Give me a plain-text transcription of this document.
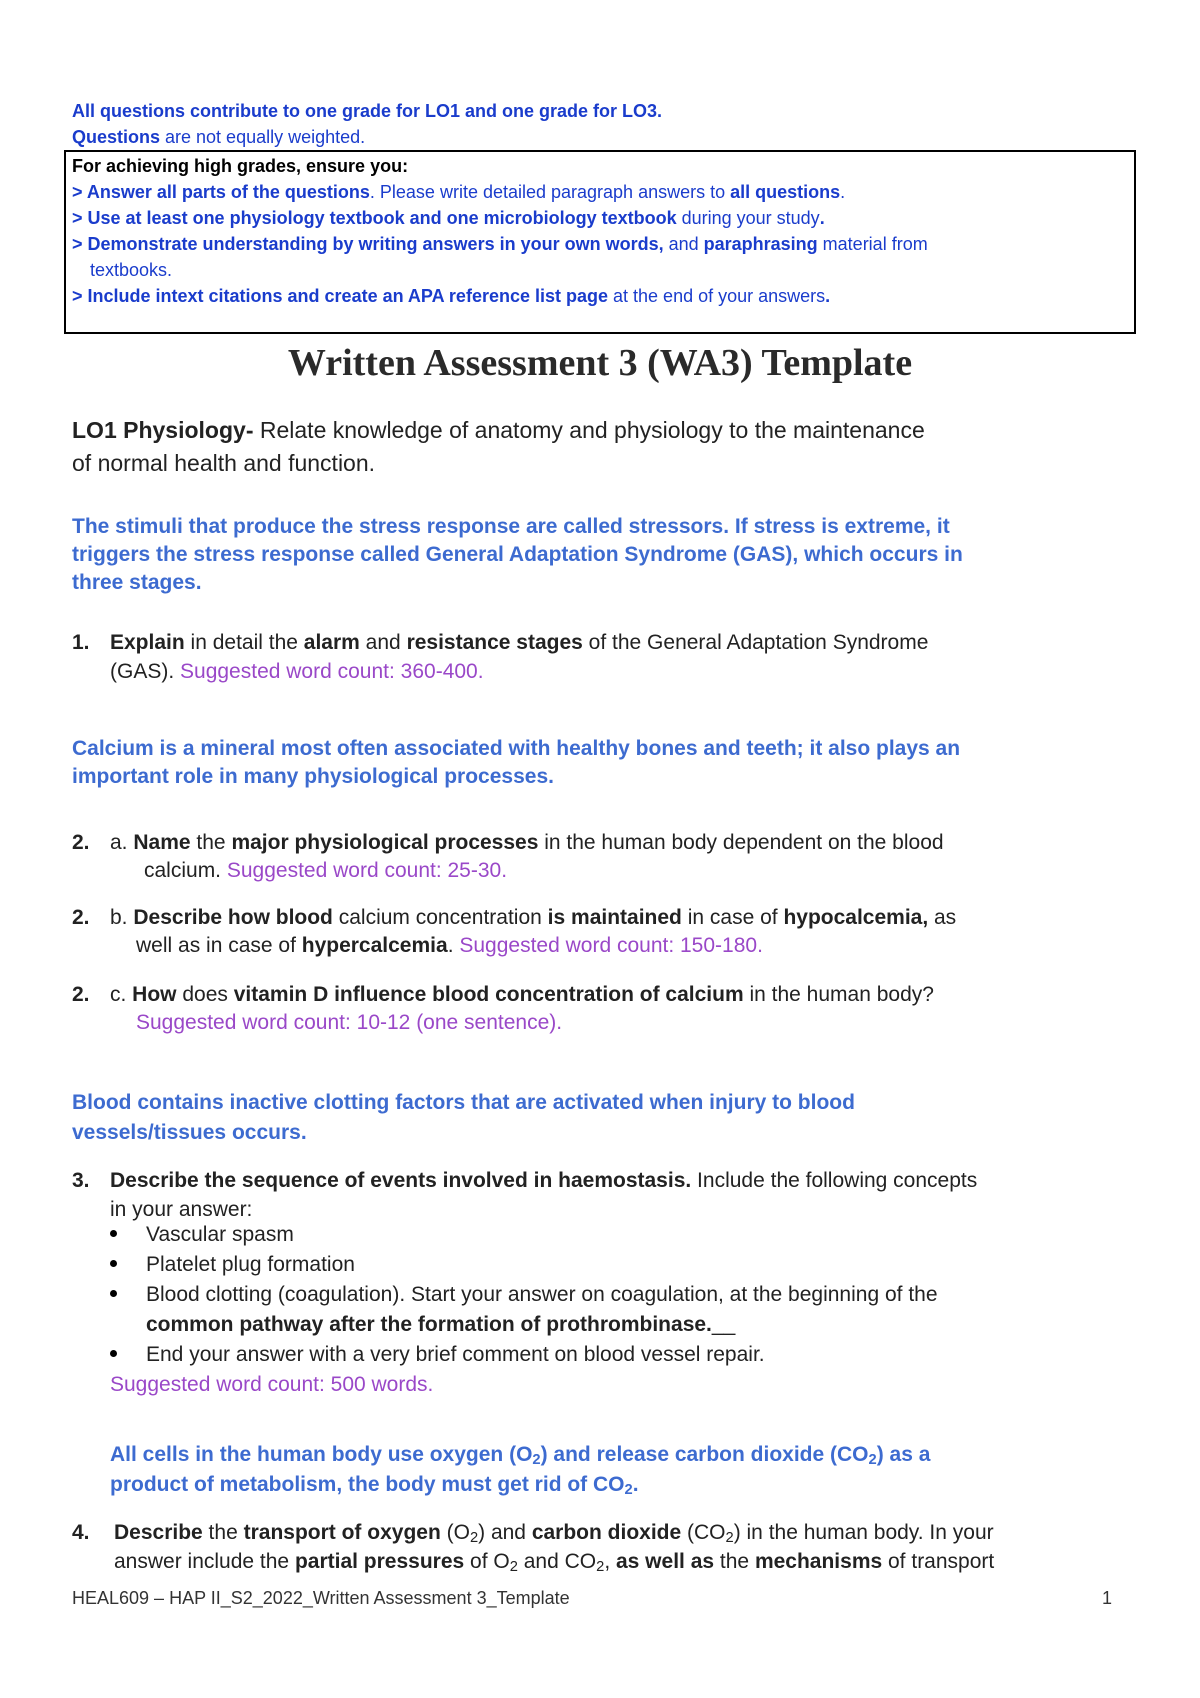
All questions contribute to one grade for LO1 and one grade for LO3.
Questions are not equally weighted.
For achieving high grades, ensure you:
> Answer all parts of the questions. Please write detailed paragraph answers to all questions.
> Use at least one physiology textbook and one microbiology textbook during your study.
> Demonstrate understanding by writing answers in your own words, and paraphrasing material from
textbooks.
> Include intext citations and create an APA reference list page at the end of your answers.
Written Assessment 3 (WA3) Template
LO1 Physiology- Relate knowledge of anatomy and physiology to the maintenance
of normal health and function.
The stimuli that produce the stress response are called stressors. If stress is extreme, it
triggers the stress response called General Adaptation Syndrome (GAS), which occurs in
three stages.
1. Explain in detail the alarm and resistance stages of the General Adaptation Syndrome
(GAS). Suggested word count: 360-400.
Calcium is a mineral most often associated with healthy bones and teeth; it also plays an
important role in many physiological processes.
2. a. Name the major physiological processes in the human body dependent on the blood
calcium. Suggested word count: 25-30.
2. b. Describe how blood calcium concentration is maintained in case of hypocalcemia, as
well as in case of hypercalcemia. Suggested word count: 150-180.
2. c. How does vitamin D influence blood concentration of calcium in the human body?
Suggested word count: 10-12 (one sentence).
Blood contains inactive clotting factors that are activated when injury to blood
vessels/tissues occurs.
3. Describe the sequence of events involved in haemostasis. Include the following concepts
in your answer:
Vascular spasm
Platelet plug formation
Blood clotting (coagulation). Start your answer on coagulation, at the beginning of the
common pathway after the formation of prothrombinase.__
End your answer with a very brief comment on blood vessel repair.
Suggested word count: 500 words.
All cells in the human body use oxygen $(O_2)$ and release carbon dioxide $(CO_2)$ as a
product of metabolism, the body must get rid of $CO_2$.
4. Describe the transport of oxygen $(O_2)$ and carbon dioxide $(CO_2)$ in the human body. In your
answer include the partial pressures of $O_2$ and $CO_2$, as well as the mechanisms of transport
HEAL609 – HAP II_S2_2022_Written Assessment 3_Template	1
